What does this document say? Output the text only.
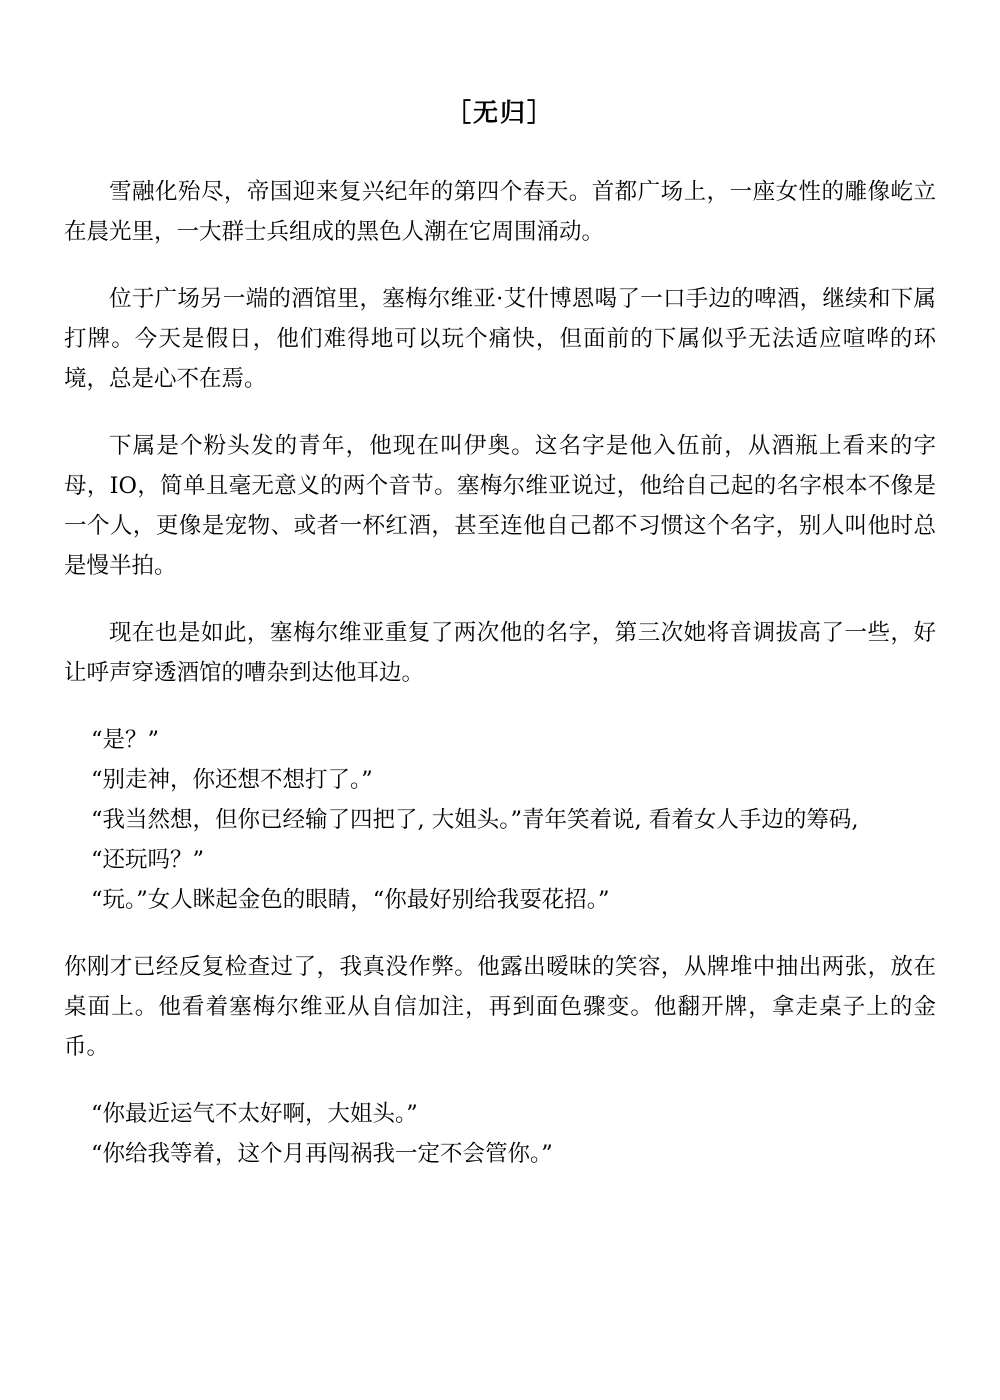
［无归］

雪融化殆尽，帝国迎来复兴纪年的第四个春天。首都广场上，一座女性的雕像屹立在晨光里，一大群士兵组成的黑色人潮在它周围涌动。

位于广场另一端的酒馆里，塞梅尔维亚·艾什博恩喝了一口手边的啤酒，继续和下属打牌。今天是假日，他们难得地可以玩个痛快，但面前的下属似乎无法适应喧哗的环境，总是心不在焉。

下属是个粉头发的青年，他现在叫伊奥。这名字是他入伍前，从酒瓶上看来的字母，IO，简单且毫无意义的两个音节。塞梅尔维亚说过，他给自己起的名字根本不像是一个人，更像是宠物、或者一杯红酒，甚至连他自己都不习惯这个名字，别人叫他时总是慢半拍。

现在也是如此，塞梅尔维亚重复了两次他的名字，第三次她将音调拔高了一些，好让呼声穿透酒馆的嘈杂到达他耳边。

“是？”
“别走神，你还想不想打了。”
“我当然想，但你已经输了四把了, 大姐头。”青年笑着说, 看着女人手边的筹码,
“还玩吗？”
“玩。”女人眯起金色的眼睛，“你最好别给我耍花招。”

你刚才已经反复检查过了，我真没作弊。他露出暧昧的笑容，从牌堆中抽出两张，放在桌面上。他看着塞梅尔维亚从自信加注，再到面色骤变。他翻开牌，拿走桌子上的金币。

“你最近运气不太好啊，大姐头。”
“你给我等着，这个月再闯祸我一定不会管你。”
